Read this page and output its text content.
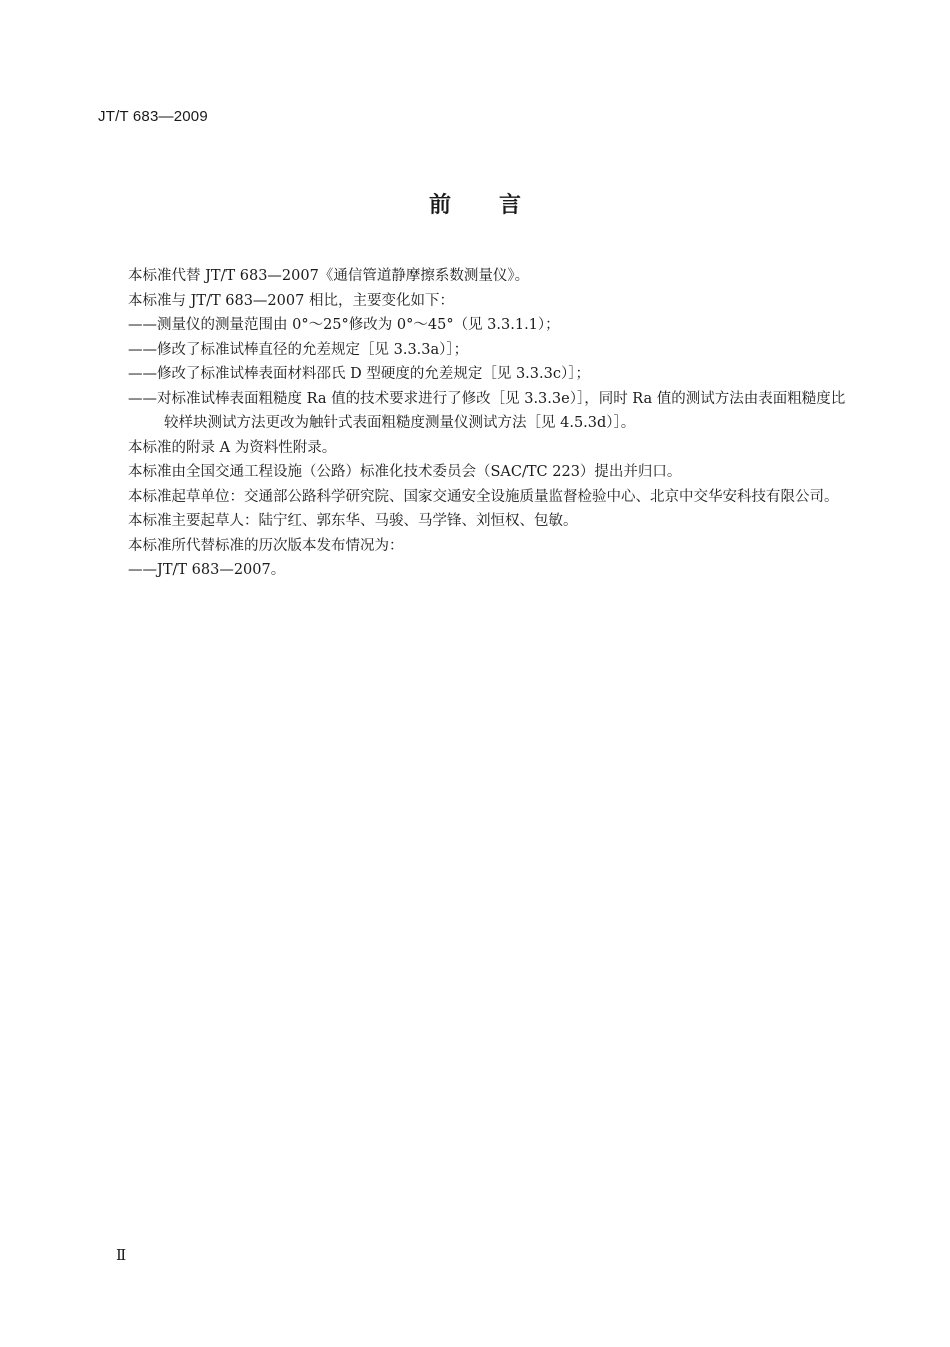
JT/T 683—2009
前言

本标准代替 JT/T 683—2007《通信管道静摩擦系数测量仪》。

本标准与 JT/T 683—2007 相比，主要变化如下：

——测量仪的测量范围由 0°～25°修改为 0°～45°（见 3.3.1.1）；

——修改了标准试棒直径的允差规定［见 3.3.3a）］；

——修改了标准试棒表面材料邵氏 D 型硬度的允差规定［见 3.3.3c）］；

——对标准试棒表面粗糙度 Ra 值的技术要求进行了修改［见 3.3.3e）］，同时 Ra 值的测试方法由表面粗糙度比较样块测试方法更改为触针式表面粗糙度测量仪测试方法［见 4.5.3d）］。

本标准的附录 A 为资料性附录。

本标准由全国交通工程设施（公路）标准化技术委员会（SAC/TC 223）提出并归口。

本标准起草单位：交通部公路科学研究院、国家交通安全设施质量监督检验中心、北京中交华安科技有限公司。

本标准主要起草人：陆宁红、郭东华、马骏、马学锋、刘恒权、包敏。

本标准所代替标准的历次版本发布情况为：

——JT/T 683—2007。

Ⅱ
